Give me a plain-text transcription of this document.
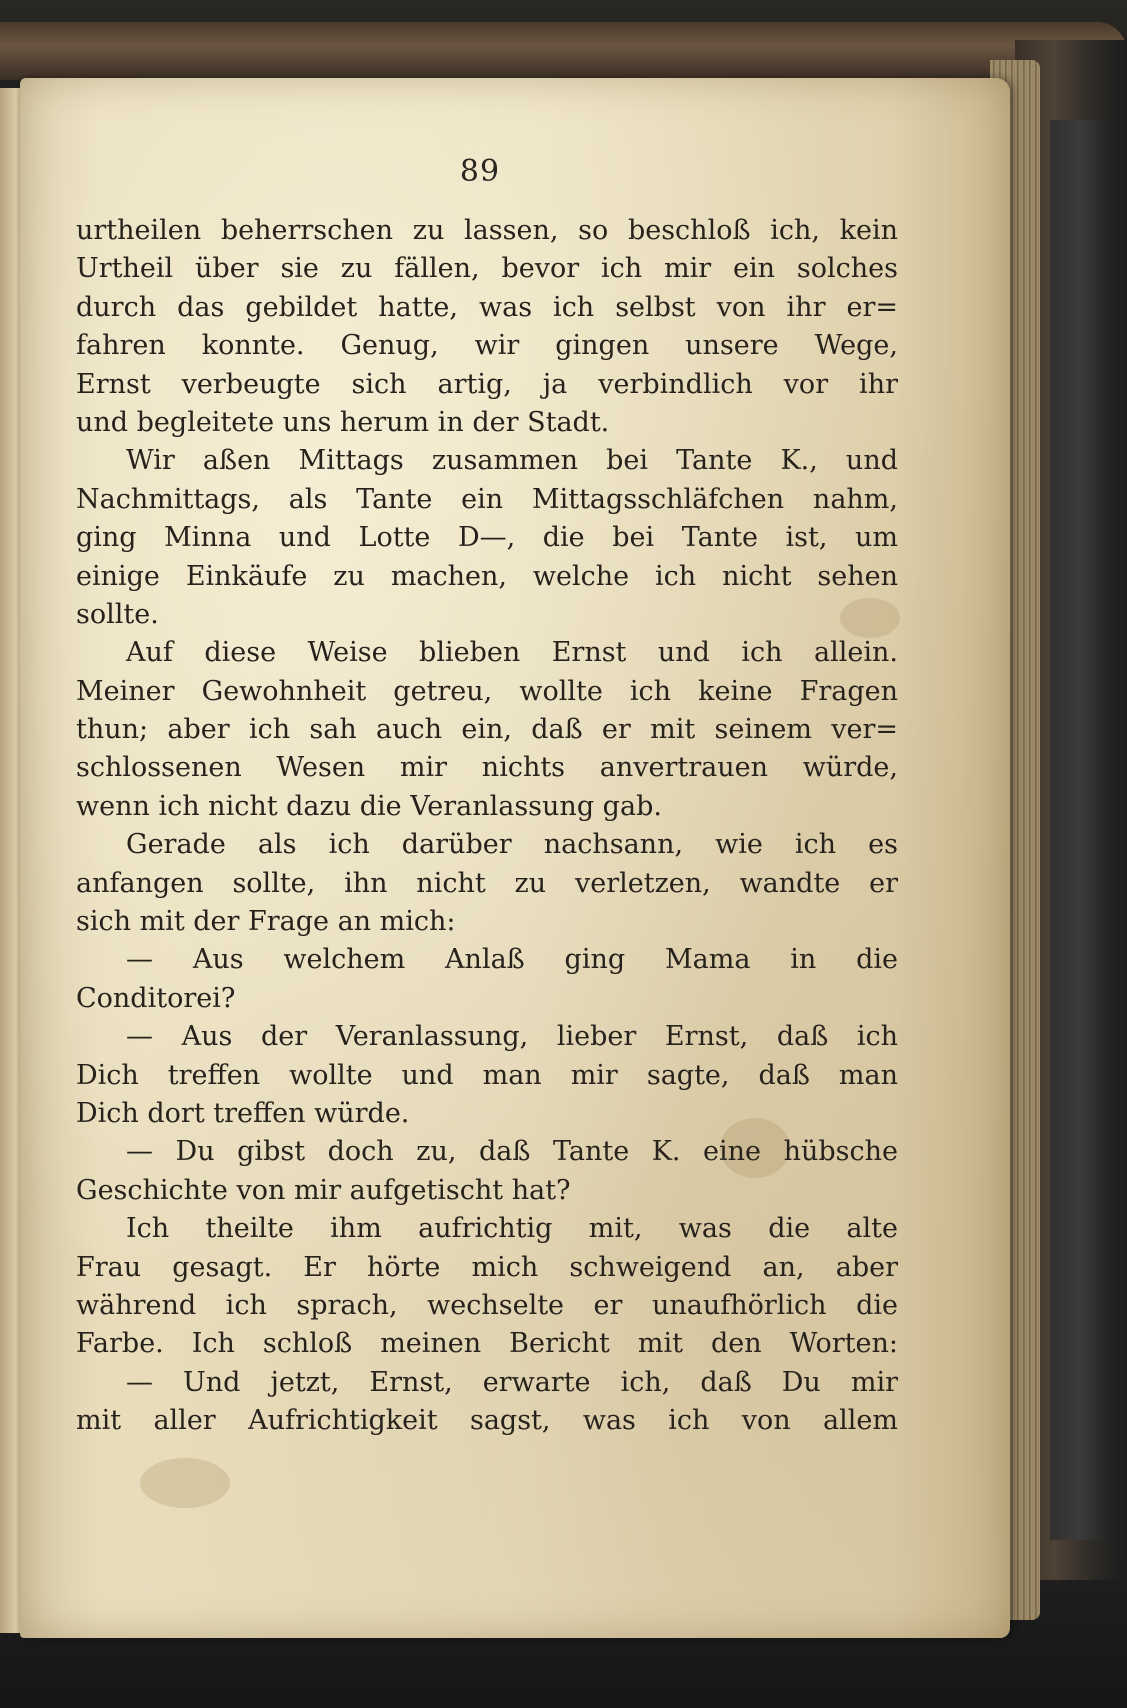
89
urtheilen beherrschen zu lassen, so beschloß ich, kein
Urtheil über sie zu fällen, bevor ich mir ein solches
durch das gebildet hatte, was ich selbst von ihr er=
fahren konnte. Genug, wir gingen unsere Wege,
Ernst verbeugte sich artig, ja verbindlich vor ihr
und begleitete uns herum in der Stadt.
Wir aßen Mittags zusammen bei Tante K., und
Nachmittags, als Tante ein Mittagsschläfchen nahm,
ging Minna und Lotte D—, die bei Tante ist, um
einige Einkäufe zu machen, welche ich nicht sehen
sollte.
Auf diese Weise blieben Ernst und ich allein.
Meiner Gewohnheit getreu, wollte ich keine Fragen
thun; aber ich sah auch ein, daß er mit seinem ver=
schlossenen Wesen mir nichts anvertrauen würde,
wenn ich nicht dazu die Veranlassung gab.
Gerade als ich darüber nachsann, wie ich es
anfangen sollte, ihn nicht zu verletzen, wandte er
sich mit der Frage an mich:
— Aus welchem Anlaß ging Mama in die
Conditorei?
— Aus der Veranlassung, lieber Ernst, daß ich
Dich treffen wollte und man mir sagte, daß man
Dich dort treffen würde.
— Du gibst doch zu, daß Tante K. eine hübsche
Geschichte von mir aufgetischt hat?
Ich theilte ihm aufrichtig mit, was die alte
Frau gesagt. Er hörte mich schweigend an, aber
während ich sprach, wechselte er unaufhörlich die
Farbe. Ich schloß meinen Bericht mit den Worten:
— Und jetzt, Ernst, erwarte ich, daß Du mir
mit aller Aufrichtigkeit sagst, was ich von allem
